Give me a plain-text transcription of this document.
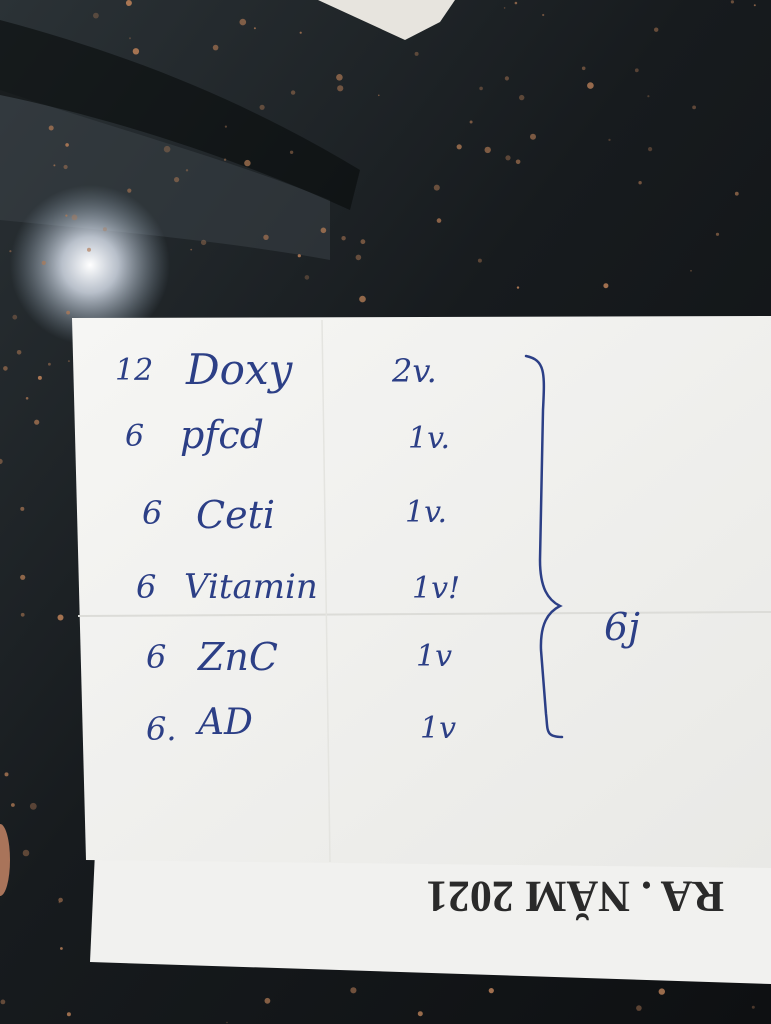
RA . NĂM 2021
12 Doxy	2v.
6 pfcd	1v.
6 Ceti	1v.
6 Vitamin	1v!
6 ZnC	1v
6. AD	1v
6j
